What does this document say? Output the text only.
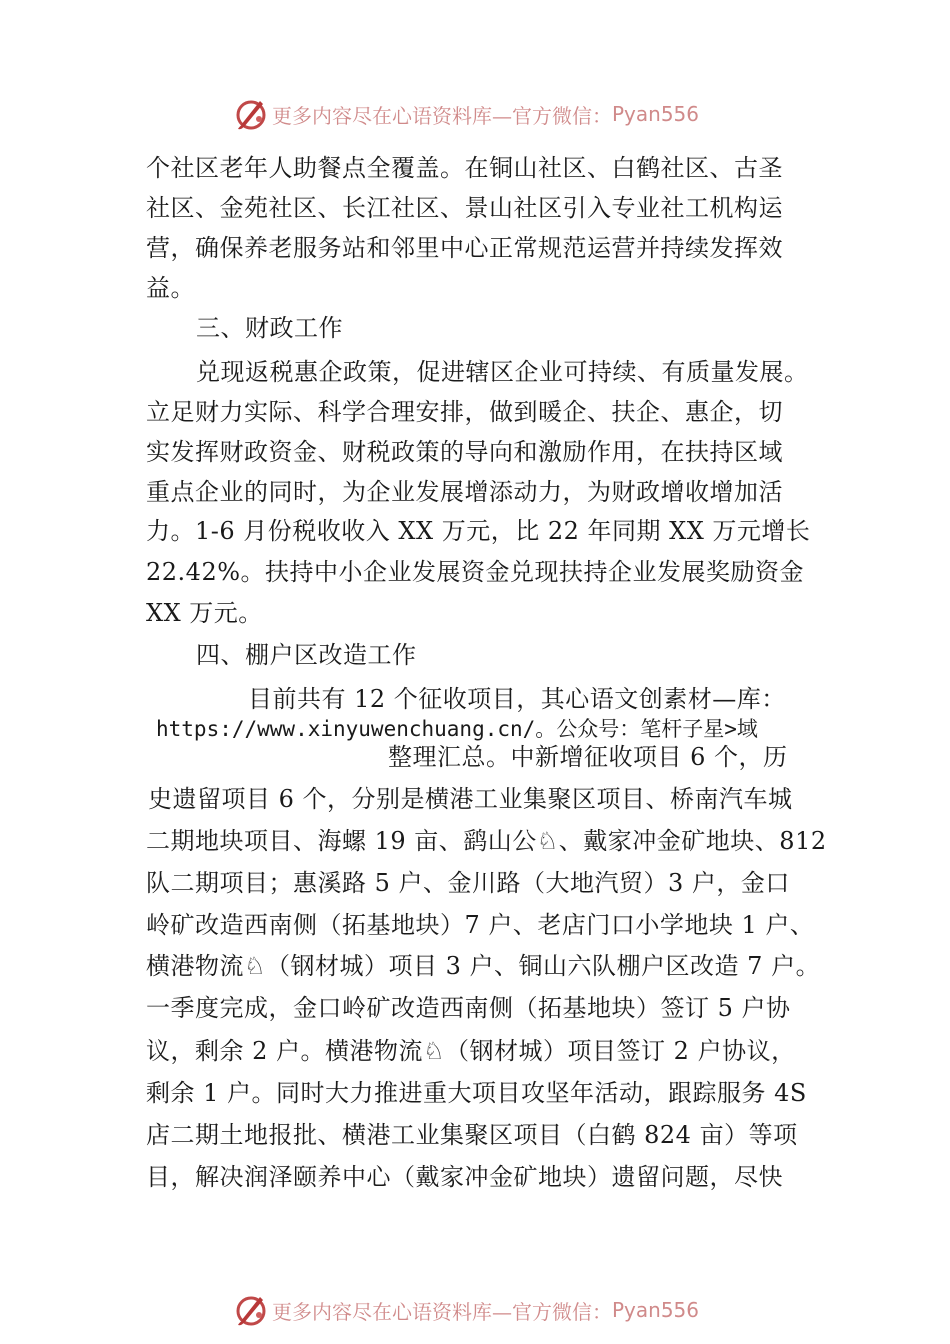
更多内容尽在心语资料库—官方微信： Pyan556
个社区老年人助餐点全覆盖。在铜山社区、白鹤社区、古圣
社区、金苑社区、长江社区、景山社区引入专业社工机构运
营，确保养老服务站和邻里中心正常规范运营并持续发挥效
益。
三、财政工作
兑现返税惠企政策，促进辖区企业可持续、有质量发展。
立足财力实际、科学合理安排，做到暖企、扶企、惠企，切
实发挥财政资金、财税政策的导向和激励作用，在扶持区域
重点企业的同时，为企业发展增添动力，为财政增收增加活
力。1-6 月份税收收入 XX 万元，比 22 年同期 XX 万元增长
22.42%。扶持中小企业发展资金兑现扶持企业发展奖励资金
XX 万元。
四、棚户区改造工作
目前共有 12 个征收项目，其心语文创素材—库：
https://www.xinyuwenchuang.cn/。公众号：笔杆子星>域
整理汇总。中新增征收项目 6 个，历
史遗留项目 6 个，分别是横港工业集聚区项目、桥南汽车城
二期地块项目、海螺 19 亩、鹞山公♘、戴家冲金矿地块、812
队二期项目；惠溪路 5 户、金川路（大地汽贸）3 户，金口
岭矿改造西南侧（拓基地块）7 户、老店门口小学地块 1 户、
横港物流♘（钢材城）项目 3 户、铜山六队棚户区改造 7 户。
一季度完成，金口岭矿改造西南侧（拓基地块）签订 5 户协
议，剩余 2 户。横港物流♘（钢材城）项目签订 2 户协议，
剩余 1 户。同时大力推进重大项目攻坚年活动，跟踪服务 4S
店二期土地报批、横港工业集聚区项目（白鹤 824 亩）等项
目，解决润泽颐养中心（戴家冲金矿地块）遗留问题，尽快
更多内容尽在心语资料库—官方微信： Pyan556
